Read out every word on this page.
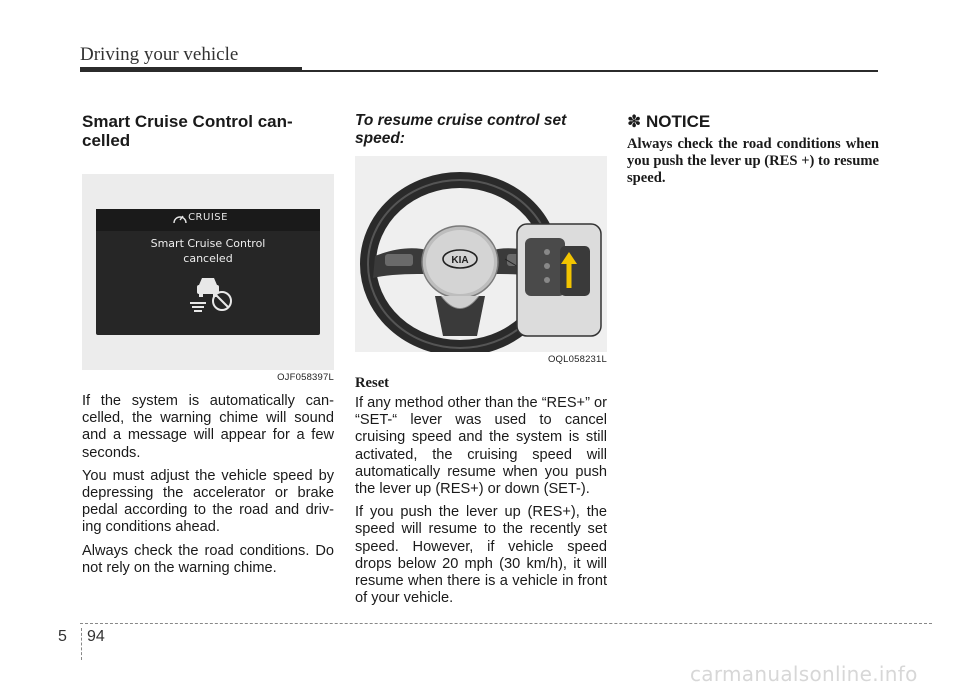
Driving your vehicle
Smart Cruise Control can-
celled
CRUISE
Smart Cruise Control
canceled
OJF058397L

If the system is automatically can-celled, the warning chime will sound and a message will appear for a few seconds.

You must adjust the vehicle speed by depressing the accelerator or brake pedal according to the road and driv-ing conditions ahead.

Always check the road conditions. Do not rely on the warning chime.

To resume cruise control set
speed:
KIA
OQL058231L
Reset

If any method other than the “RES+” or “SET-“ lever was used to cancel cruising speed and the system is still activated, the cruising speed will automatically resume when you push the lever up (RES+) or down (SET-).

If you push the lever up (RES+), the speed will resume to the recently set speed. However, if vehicle speed drops below 20 mph (30 km/h), it will resume when there is a vehicle in front of your vehicle.

✽ NOTICE

Always check the road conditions when you push the lever up (RES +) to resume speed.

5 94
carmanualsonline.info
